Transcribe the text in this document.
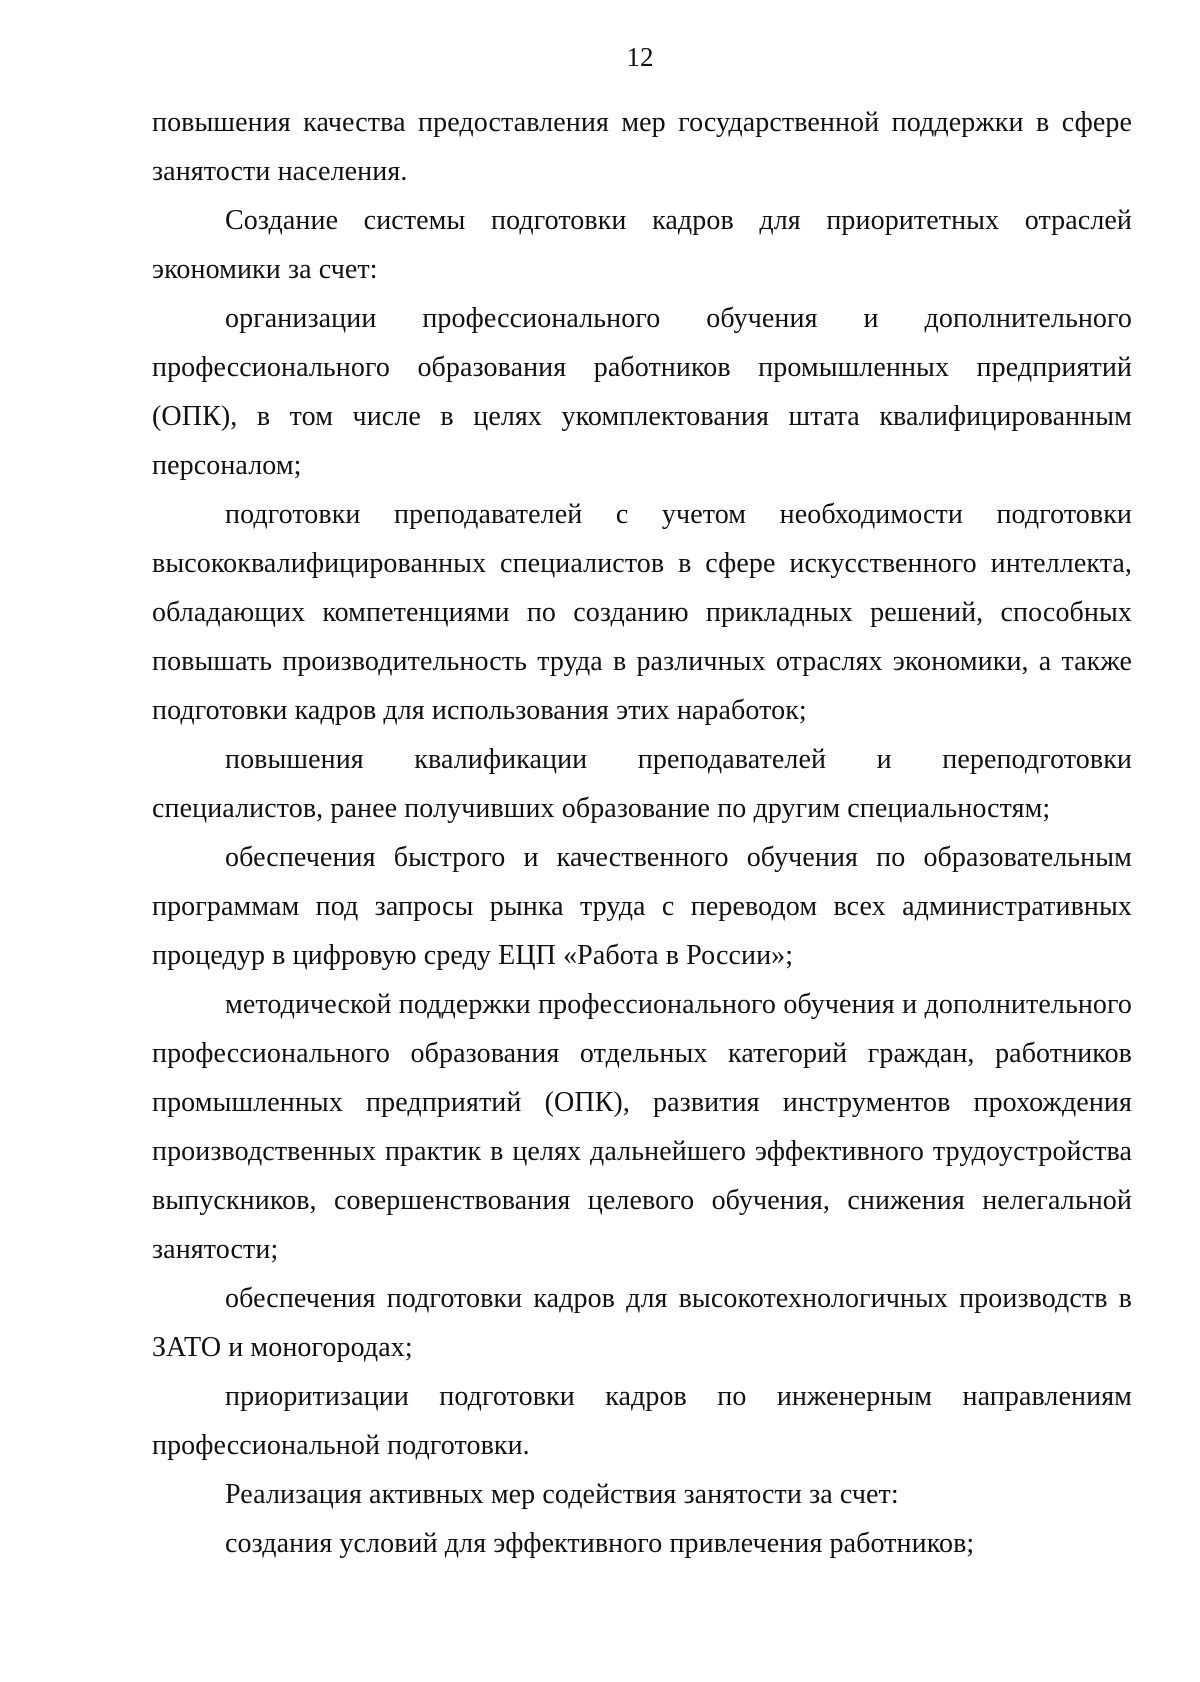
12

повышения качества предоставления мер государственной поддержки в сфере занятости населения.

Создание системы подготовки кадров для приоритетных отраслей экономики за счет:

организации профессионального обучения и дополнительного профессионального образования работников промышленных предприятий (ОПК), в том числе в целях укомплектования штата квалифицированным персоналом;

подготовки преподавателей с учетом необходимости подготовки высококвалифицированных специалистов в сфере искусственного интеллекта, обладающих компетенциями по созданию прикладных решений, способных повышать производительность труда в различных отраслях экономики, а также подготовки кадров для использования этих наработок;

повышения квалификации преподавателей и переподготовки специалистов, ранее получивших образование по другим специальностям;

обеспечения быстрого и качественного обучения по образовательным программам под запросы рынка труда с переводом всех административных процедур в цифровую среду ЕЦП «Работа в России»;

методической поддержки профессионального обучения и дополнительного профессионального образования отдельных категорий граждан, работников промышленных предприятий (ОПК), развития инструментов прохождения производственных практик в целях дальнейшего эффективного трудоустройства выпускников, совершенствования целевого обучения, снижения нелегальной занятости;

обеспечения подготовки кадров для высокотехнологичных производств в ЗАТО и моногородах;

приоритизации подготовки кадров по инженерным направлениям профессиональной подготовки.

Реализация активных мер содействия занятости за счет:

создания условий для эффективного привлечения работников;
